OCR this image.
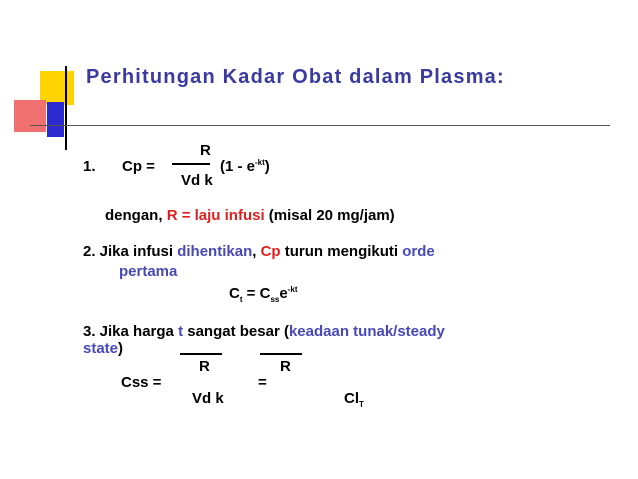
Perhitungan Kadar Obat dalam Plasma:
1. Cp =
R
Vd k
$(1 - e^{-kt})$
dengan, R = laju infusi (misal 20 mg/jam)
2. Jika infusi dihentikan, Cp turun mengikuti orde
pertama
$C_t = C_{ss}e^{-kt}$
3. Jika harga t sangat besar (keadaan tunak/steady
state)
R
Css =
Vd k
R
=
$Cl_T$
